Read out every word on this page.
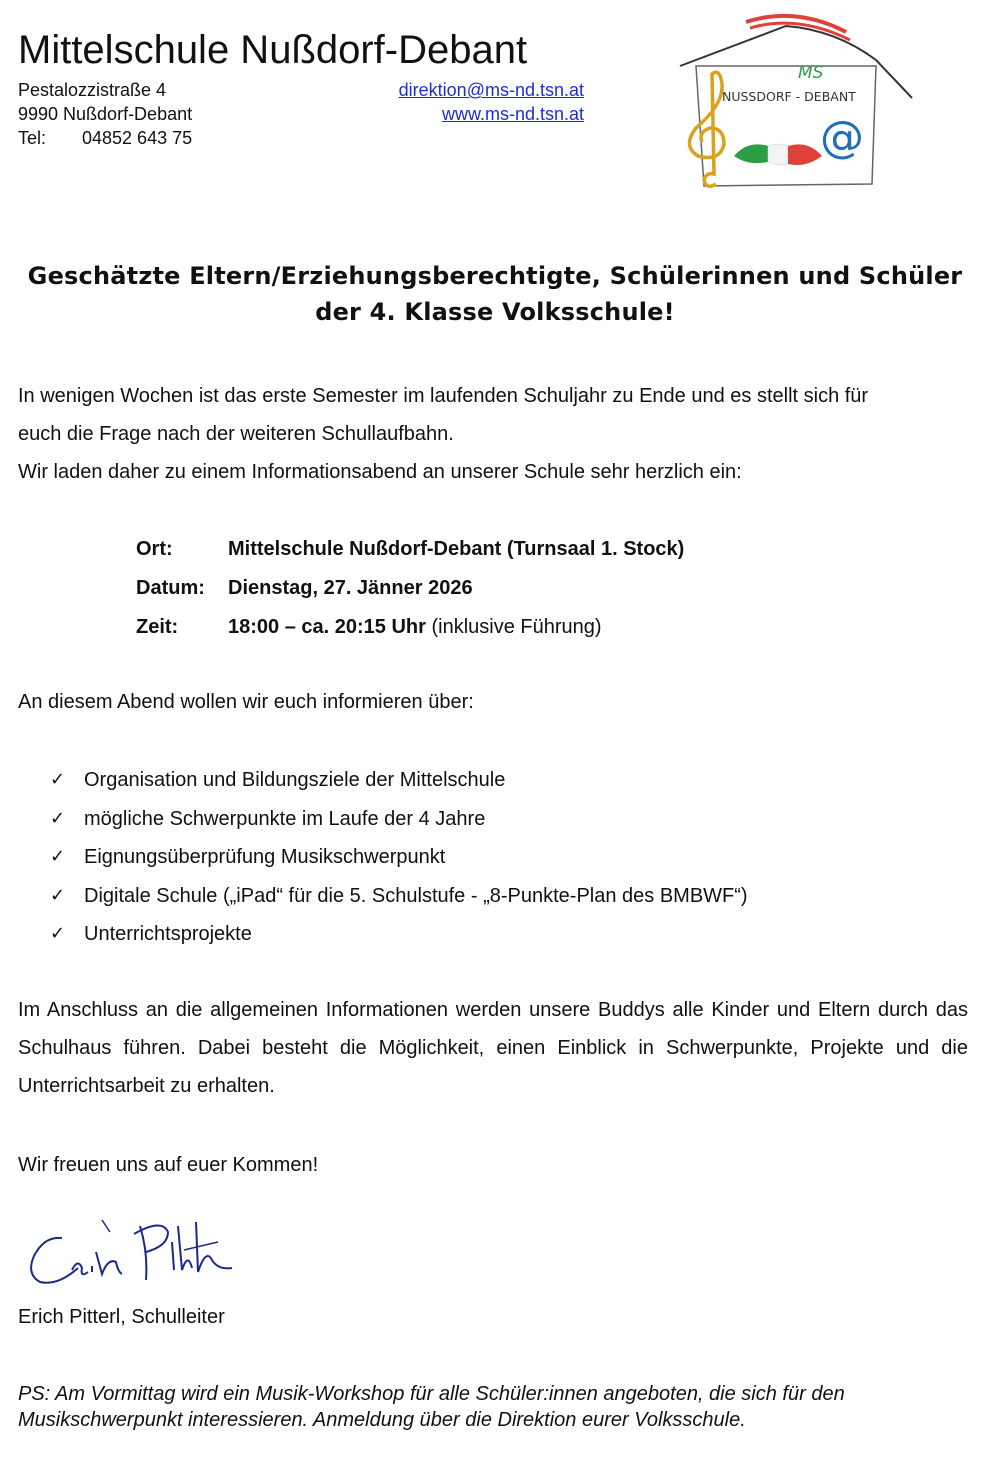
Mittelschule Nußdorf-Debant
Pestalozzistraße 4
9990 Nußdorf-Debant
Tel: 04852 643 75
direktion@ms-nd.tsn.at
www.ms-nd.tsn.at
MS
NUSSDORF - DEBANT
@
Geschätzte Eltern/Erziehungsberechtigte, Schülerinnen und Schüler
der 4. Klasse Volksschule!
In wenigen Wochen ist das erste Semester im laufenden Schuljahr zu Ende und es stellt sich für
euch die Frage nach der weiteren Schullaufbahn.
Wir laden daher zu einem Informationsabend an unserer Schule sehr herzlich ein:
Ort:	Mittelschule Nußdorf-Debant (Turnsaal 1. Stock)
Datum:	Dienstag, 27. Jänner 2026
Zeit:	18:00 – ca. 20:15 Uhr (inklusive Führung)
An diesem Abend wollen wir euch informieren über:
✓ Organisation und Bildungsziele der Mittelschule
✓ mögliche Schwerpunkte im Laufe der 4 Jahre
✓ Eignungsüberprüfung Musikschwerpunkt
✓ Digitale Schule („iPad“ für die 5. Schulstufe - „8-Punkte-Plan des BMBWF“)
✓ Unterrichtsprojekte
Im Anschluss an die allgemeinen Informationen werden unsere Buddys alle Kinder und Eltern durch das Schulhaus führen. Dabei besteht die Möglichkeit, einen Einblick in Schwerpunkte, Projekte und die Unterrichtsarbeit zu erhalten.
Wir freuen uns auf euer Kommen!
Erich Pitterl, Schulleiter
PS: Am Vormittag wird ein Musik-Workshop für alle Schüler:innen angeboten, die sich für den Musikschwerpunkt interessieren. Anmeldung über die Direktion eurer Volksschule.
